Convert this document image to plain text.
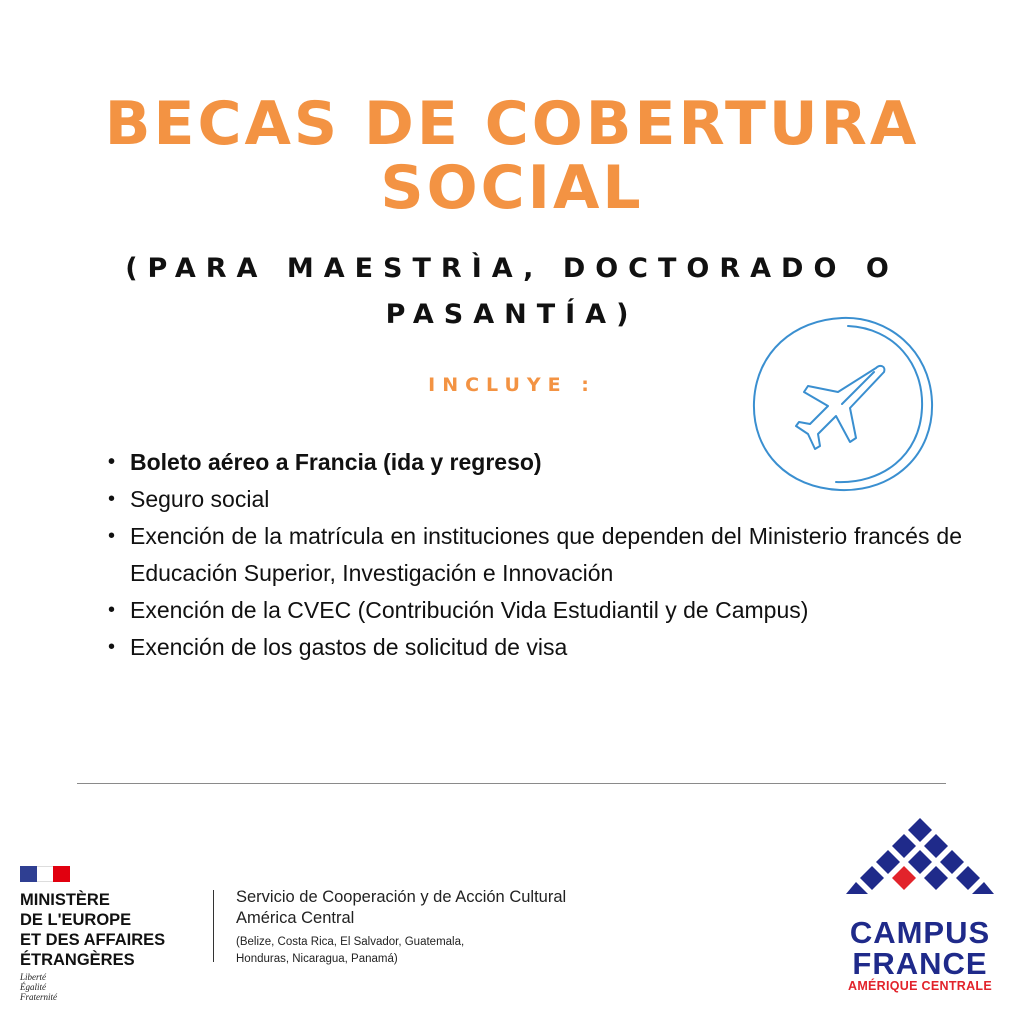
BECAS DE COBERTURA SOCIAL
(PARA MAESTRÌA, DOCTORADO O PASANTÍA)
INCLUYE :
• Boleto aéreo a Francia (ida y regreso)
• Seguro social
• Exención de la matrícula en instituciones que dependen del Ministerio francés de Educación Superior, Investigación e Innovación
• Exención de la CVEC (Contribución Vida Estudiantil y de Campus)
• Exención de los gastos de solicitud de visa
MINISTÈRE
DE L'EUROPE
ET DES AFFAIRES
ÉTRANGÈRES
Liberté
Égalité
Fraternité
Servicio de Cooperación y de Acción Cultural
América Central
(Belize, Costa Rica, El Salvador, Guatemala, Honduras, Nicaragua, Panamá)
CAMPUS
FRANCE
AMÉRIQUE CENTRALE
